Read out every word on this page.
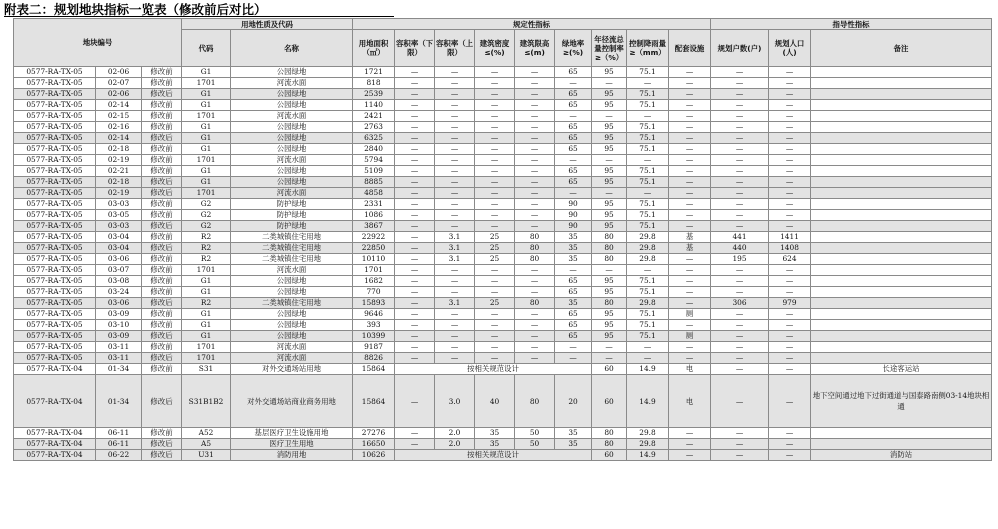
附表二：规划地块指标一览表（修改前后对比）
地块编号			用地性质及代码		规定性指标									指导性指标		
			代码	名称	用地面积（㎡）	容积率（下限）	容积率（上限）	建筑密度≤(%)	建筑限高≤(m)	绿地率≥(%)	年径流总量控制率≥（%）	控制降雨量≥（mm）	配套设施	规划户数(户)	规划人口(人)	备注
0577-RA-TX-05	02-06	修改前	G1	公园绿地	1721	—	—	—	—	65	95	75.1	—	—	—	
0577-RA-TX-05	02-07	修改前	1701	河流水面	818	—	—	—	—	—	—	—	—	—	—	
0577-RA-TX-05	02-06	修改后	G1	公园绿地	2539	—	—	—	—	65	95	75.1	—	—	—	
0577-RA-TX-05	02-14	修改前	G1	公园绿地	1140	—	—	—	—	65	95	75.1	—	—	—	
0577-RA-TX-05	02-15	修改前	1701	河流水面	2421	—	—	—	—	—	—	—	—	—	—	
0577-RA-TX-05	02-16	修改前	G1	公园绿地	2763	—	—	—	—	65	95	75.1	—	—	—	
0577-RA-TX-05	02-14	修改后	G1	公园绿地	6325	—	—	—	—	65	95	75.1	—	—	—	
0577-RA-TX-05	02-18	修改前	G1	公园绿地	2840	—	—	—	—	65	95	75.1	—	—	—	
0577-RA-TX-05	02-19	修改前	1701	河流水面	5794	—	—	—	—	—	—	—	—	—	—	
0577-RA-TX-05	02-21	修改前	G1	公园绿地	5109	—	—	—	—	65	95	75.1	—	—	—	
0577-RA-TX-05	02-18	修改后	G1	公园绿地	8885	—	—	—	—	65	95	75.1	—	—	—	
0577-RA-TX-05	02-19	修改后	1701	河流水面	4858	—	—	—	—	—	—	—	—	—	—	
0577-RA-TX-05	03-03	修改前	G2	防护绿地	2331	—	—	—	—	90	95	75.1	—	—	—	
0577-RA-TX-05	03-05	修改前	G2	防护绿地	1086	—	—	—	—	90	95	75.1	—	—	—	
0577-RA-TX-05	03-03	修改后	G2	防护绿地	3867	—	—	—	—	90	95	75.1	—	—	—	
0577-RA-TX-05	03-04	修改前	R2	二类城镇住宅用地	22922	—	3.1	25	80	35	80	29.8	基	441	1411	
0577-RA-TX-05	03-04	修改后	R2	二类城镇住宅用地	22850	—	3.1	25	80	35	80	29.8	基	440	1408	
0577-RA-TX-05	03-06	修改前	R2	二类城镇住宅用地	10110	—	3.1	25	80	35	80	29.8	—	195	624	
0577-RA-TX-05	03-07	修改前	1701	河流水面	1701	—	—	—	—	—	—	—	—	—	—	
0577-RA-TX-05	03-08	修改前	G1	公园绿地	1682	—	—	—	—	65	95	75.1	—	—	—	
0577-RA-TX-05	03-24	修改前	G1	公园绿地	770	—	—	—	—	65	95	75.1	—	—	—	
0577-RA-TX-05	03-06	修改后	R2	二类城镇住宅用地	15893	—	3.1	25	80	35	80	29.8	—	306	979	
0577-RA-TX-05	03-09	修改前	G1	公园绿地	9646	—	—	—	—	65	95	75.1	厕	—	—	
0577-RA-TX-05	03-10	修改前	G1	公园绿地	393	—	—	—	—	65	95	75.1	—	—	—	
0577-RA-TX-05	03-09	修改后	G1	公园绿地	10399	—	—	—	—	65	95	75.1	厕	—	—	
0577-RA-TX-05	03-11	修改前	1701	河流水面	9187	—	—	—	—	—	—	—	—	—	—	
0577-RA-TX-05	03-11	修改后	1701	河流水面	8826	—	—	—	—	—	—	—	—	—	—	
0577-RA-TX-04	01-34	修改前	S31	对外交通场站用地	15864	按相关规范设计					60	14.9	电	—	—	长途客运站
0577-RA-TX-04	01-34	修改后	S31B1B2	对外交通场站商业商务用地	15864	—	3.0	40	80	20	60	14.9	电	—	—	地下空间通过地下过街通道与国泰路南侧03-14地块相通
0577-RA-TX-04	06-11	修改前	A52	基层医疗卫生设施用地	27276	—	2.0	35	50	35	80	29.8	—	—	—	
0577-RA-TX-04	06-11	修改后	A5	医疗卫生用地	16650	—	2.0	35	50	35	80	29.8	—	—	—	
0577-RA-TX-04	06-22	修改后	U31	消防用地	10626	按相关规范设计					60	14.9	—	—	—	消防站
